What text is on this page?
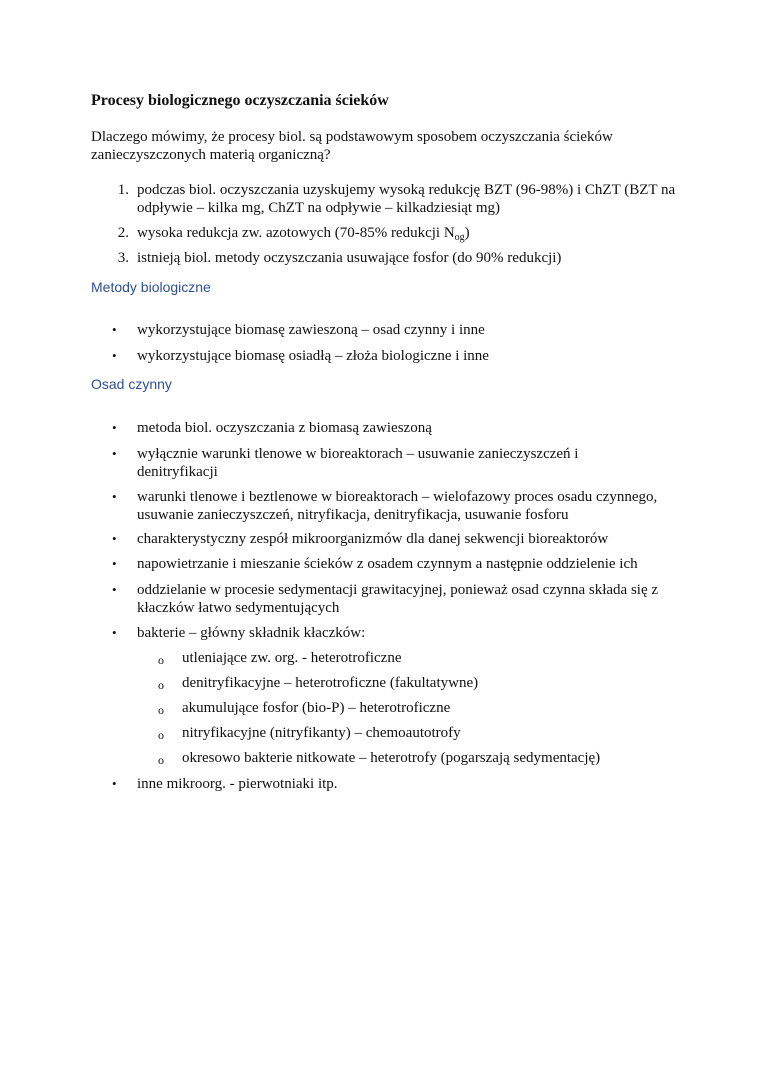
Procesy biologicznego oczyszczania ścieków
Dlaczego mówimy, że procesy biol. są podstawowym sposobem oczyszczania ścieków zanieczyszczonych materią organiczną?
1. podczas biol. oczyszczania uzyskujemy wysoką redukcję BZT (96-98%) i ChZT (BZT na odpływie – kilka mg, ChZT na odpływie – kilkadziesiąt mg)
2. wysoka redukcja zw. azotowych (70-85% redukcji $N_{og}$)
3. istnieją biol. metody oczyszczania usuwające fosfor (do 90% redukcji)
Metody biologiczne
• wykorzystujące biomasę zawieszoną – osad czynny i inne
• wykorzystujące biomasę osiadłą – złoża biologiczne i inne
Osad czynny
• metoda biol. oczyszczania z biomasą zawieszoną
• wyłącznie warunki tlenowe w bioreaktorach – usuwanie zanieczyszczeń i denitryfikacji
• warunki tlenowe i beztlenowe w bioreaktorach – wielofazowy proces osadu czynnego, usuwanie zanieczyszczeń, nitryfikacja, denitryfikacja, usuwanie fosforu
• charakterystyczny zespół mikroorganizmów dla danej sekwencji bioreaktorów
• napowietrzanie i mieszanie ścieków z osadem czynnym a następnie oddzielenie ich
• oddzielanie w procesie sedymentacji grawitacyjnej, ponieważ osad czynna składa się z kłaczków łatwo sedymentujących
• bakterie – główny składnik kłaczków:
o utleniające zw. org. - heterotroficzne
o denitryfikacyjne – heterotroficzne (fakultatywne)
o akumulujące fosfor (bio-P) – heterotroficzne
o nitryfikacyjne (nitryfikanty) – chemoautotrofy
o okresowo bakterie nitkowate – heterotrofy (pogarszają sedymentację)
• inne mikroorg. - pierwotniaki itp.
